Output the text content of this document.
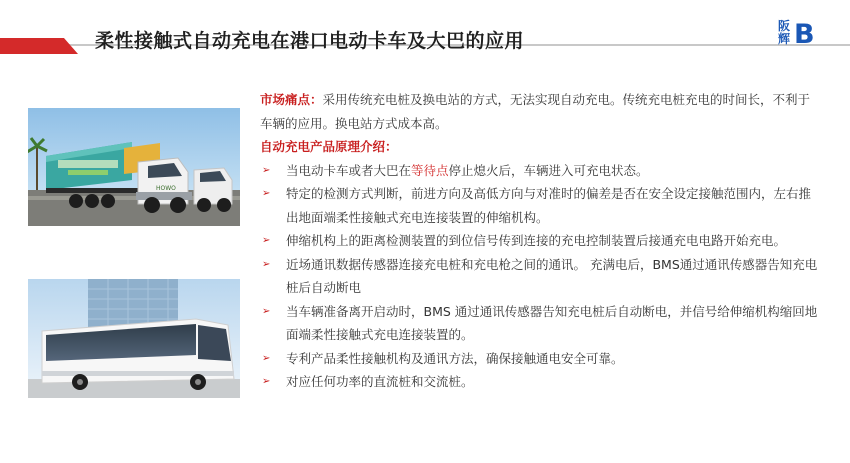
柔性接触式自动充电在港口电动卡车及大巴的应用
阪辉 B
HOWO

市场痛点：采用传统充电桩及换电站的方式，无法实现自动充电。传统充电桩充电的时间长，不利于车辆的应用。换电站方式成本高。

自动充电产品原理介绍：

➢ 当电动卡车或者大巴在等待点停止熄火后，车辆进入可充电状态。
➢ 特定的检测方式判断，前进方向及高低方向与对准时的偏差是否在安全设定接触范围内，左右推出地面端柔性接触式充电连接装置的伸缩机构。
➢ 伸缩机构上的距离检测装置的到位信号传到连接的充电控制装置后接通充电电路开始充电。
➢ 近场通讯数据传感器连接充电桩和充电枪之间的通讯。 充满电后，BMS通过通讯传感器告知充电桩后自动断电
➢ 当车辆准备离开启动时，BMS 通过通讯传感器告知充电桩后自动断电，并信号给伸缩机构缩回地面端柔性接触式充电连接装置的。
➢ 专利产品柔性接触机构及通讯方法，确保接触通电安全可靠。
➢ 对应任何功率的直流桩和交流桩。
